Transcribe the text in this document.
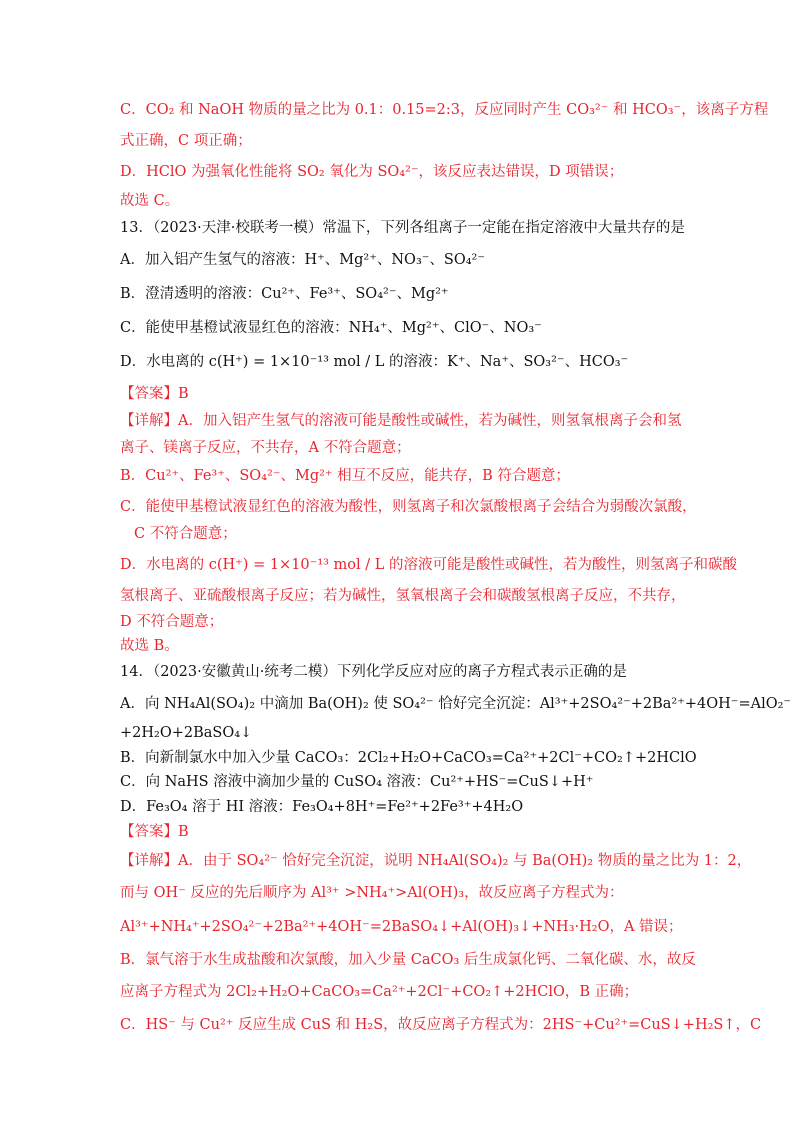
C．CO₂ 和 NaOH 物质的量之比为 0.1：0.15=2:3，反应同时产生 CO₃²⁻ 和 HCO₃⁻，该离子方程
式正确，C 项正确；
D．HClO 为强氧化性能将 SO₂ 氧化为 SO₄²⁻，该反应表达错误，D 项错误；
故选 C。
13．（2023·天津·校联考一模）常温下，下列各组离子一定能在指定溶液中大量共存的是
A．加入铝产生氢气的溶液：H⁺、Mg²⁺、NO₃⁻、SO₄²⁻
B．澄清透明的溶液：Cu²⁺、Fe³⁺、SO₄²⁻、Mg²⁺
C．能使甲基橙试液显红色的溶液：NH₄⁺、Mg²⁺、ClO⁻、NO₃⁻
D．水电离的 c(H⁺) = 1×10⁻¹³ mol / L 的溶液：K⁺、Na⁺、SO₃²⁻、HCO₃⁻
【答案】B
【详解】A．加入铝产生氢气的溶液可能是酸性或碱性，若为碱性，则氢氧根离子会和氢
离子、镁离子反应，不共存，A 不符合题意；
B．Cu²⁺、Fe³⁺、SO₄²⁻、Mg²⁺ 相互不反应，能共存，B 符合题意；
C．能使甲基橙试液显红色的溶液为酸性，则氢离子和次氯酸根离子会结合为弱酸次氯酸，
C 不符合题意；
D．水电离的 c(H⁺) = 1×10⁻¹³ mol / L 的溶液可能是酸性或碱性，若为酸性，则氢离子和碳酸
氢根离子、亚硫酸根离子反应；若为碱性，氢氧根离子会和碳酸氢根离子反应，不共存，
D 不符合题意；
故选 B。
14．（2023·安徽黄山·统考二模）下列化学反应对应的离子方程式表示正确的是
A．向 NH₄Al(SO₄)₂ 中滴加 Ba(OH)₂ 使 SO₄²⁻ 恰好完全沉淀：Al³⁺+2SO₄²⁻+2Ba²⁺+4OH⁻=AlO₂⁻
+2H₂O+2BaSO₄↓
B．向新制氯水中加入少量 CaCO₃：2Cl₂+H₂O+CaCO₃=Ca²⁺+2Cl⁻+CO₂↑+2HClO
C．向 NaHS 溶液中滴加少量的 CuSO₄ 溶液：Cu²⁺+HS⁻=CuS↓+H⁺
D．Fe₃O₄ 溶于 HI 溶液：Fe₃O₄+8H⁺=Fe²⁺+2Fe³⁺+4H₂O
【答案】B
【详解】A．由于 SO₄²⁻ 恰好完全沉淀，说明 NH₄Al(SO₄)₂ 与 Ba(OH)₂ 物质的量之比为 1：2，
而与 OH⁻ 反应的先后顺序为 Al³⁺ >NH₄⁺>Al(OH)₃，故反应离子方程式为：
Al³⁺+NH₄⁺+2SO₄²⁻+2Ba²⁺+4OH⁻=2BaSO₄↓+Al(OH)₃↓+NH₃·H₂O，A 错误；
B．氯气溶于水生成盐酸和次氯酸，加入少量 CaCO₃ 后生成氯化钙、二氧化碳、水，故反
应离子方程式为 2Cl₂+H₂O+CaCO₃=Ca²⁺+2Cl⁻+CO₂↑+2HClO，B 正确；
C．HS⁻ 与 Cu²⁺ 反应生成 CuS 和 H₂S，故反应离子方程式为：2HS⁻+Cu²⁺=CuS↓+H₂S↑，C
